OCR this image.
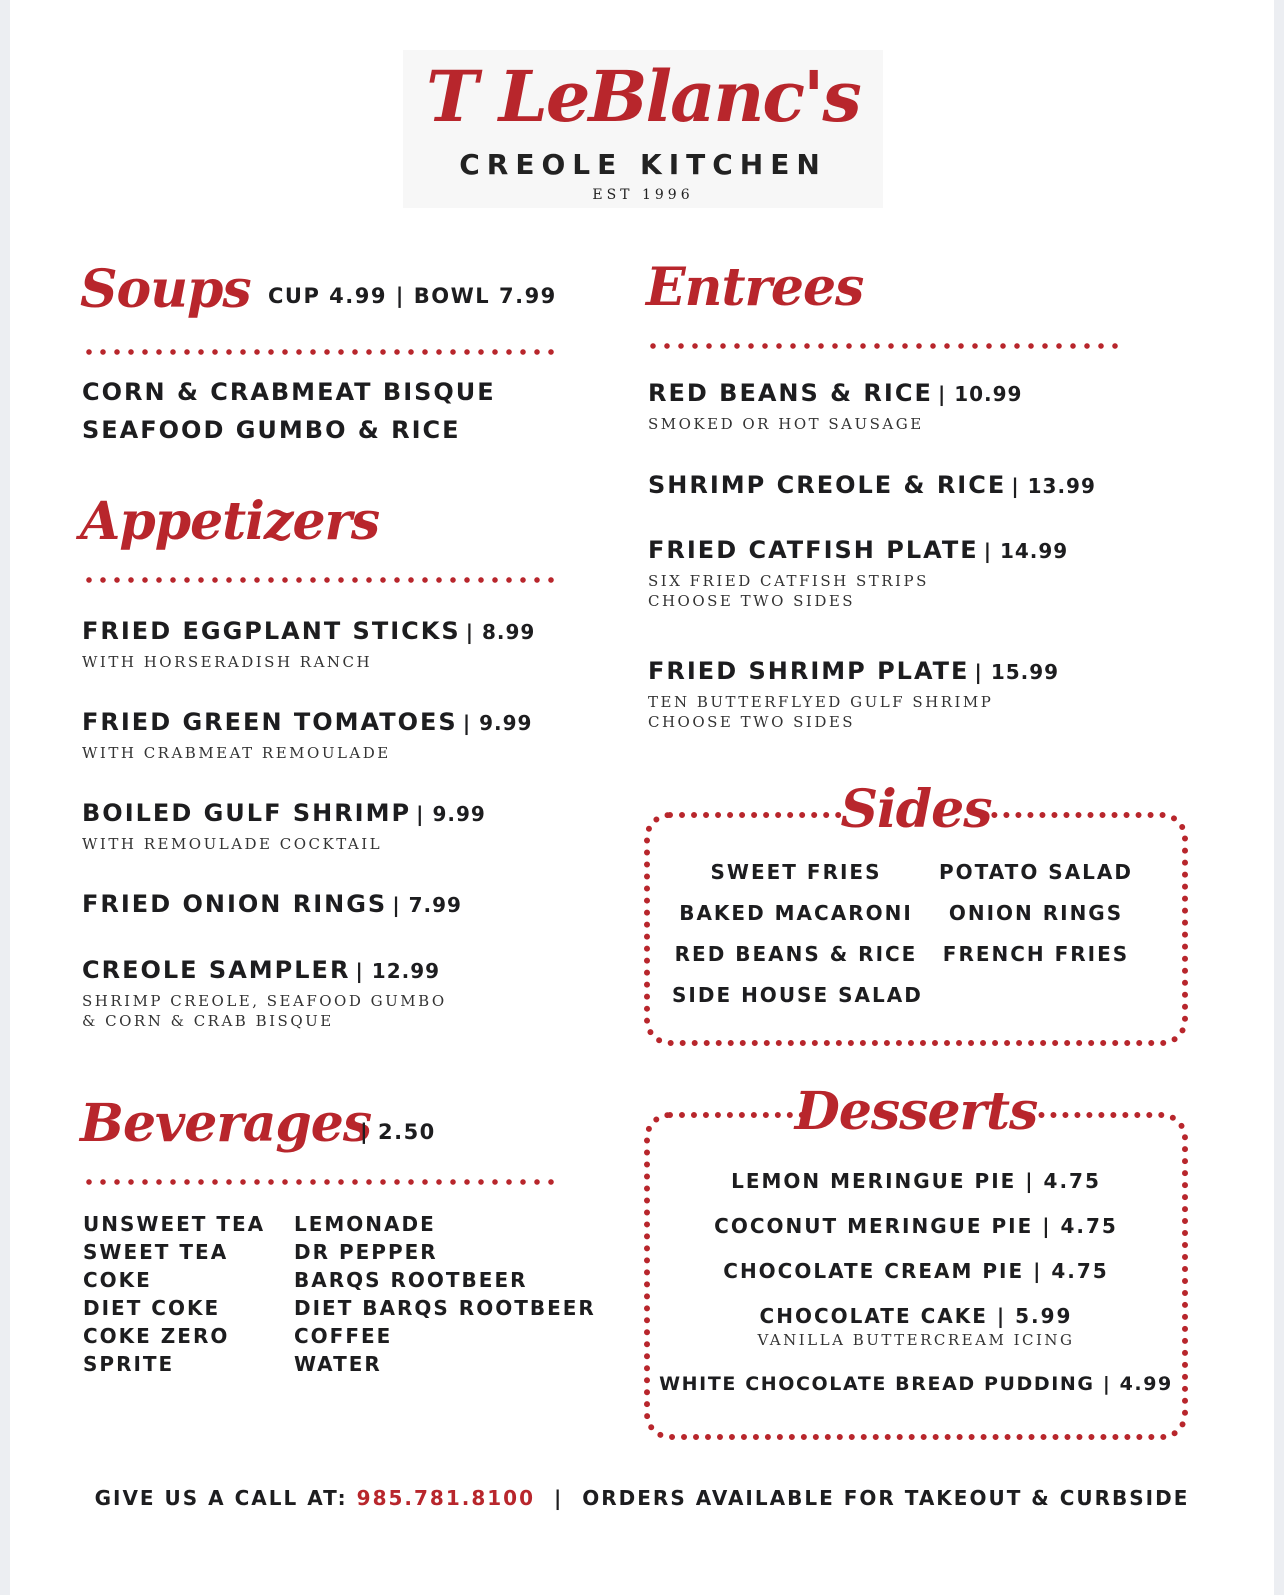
T LeBlanc's
CREOLE KITCHEN
EST 1996
Soups CUP 4.99 | BOWL 7.99
CORN & CRABMEAT BISQUE
SEAFOOD GUMBO & RICE
Appetizers
FRIED EGGPLANT STICKS | 8.99
WITH HORSERADISH RANCH
FRIED GREEN TOMATOES | 9.99
WITH CRABMEAT REMOULADE
BOILED GULF SHRIMP | 9.99
WITH REMOULADE COCKTAIL
FRIED ONION RINGS | 7.99
CREOLE SAMPLER | 12.99
SHRIMP CREOLE, SEAFOOD GUMBO
& CORN & CRAB BISQUE
Beverages
| 2.50
UNSWEET TEA
SWEET TEA
COKE
DIET COKE
COKE ZERO
SPRITE
LEMONADE
DR PEPPER
BARQS ROOTBEER
DIET BARQS ROOTBEER
COFFEE
WATER
Entrees
RED BEANS & RICE | 10.99
SMOKED OR HOT SAUSAGE
SHRIMP CREOLE & RICE | 13.99
FRIED CATFISH PLATE | 14.99
SIX FRIED CATFISH STRIPS
CHOOSE TWO SIDES
FRIED SHRIMP PLATE | 15.99
TEN BUTTERFLYED GULF SHRIMP
CHOOSE TWO SIDES
Sides
SWEET FRIES
BAKED MACARONI
RED BEANS & RICE
SIDE HOUSE SALAD
POTATO SALAD
ONION RINGS
FRENCH FRIES
Desserts
LEMON MERINGUE PIE | 4.75
COCONUT MERINGUE PIE | 4.75
CHOCOLATE CREAM PIE | 4.75
CHOCOLATE CAKE | 5.99
VANILLA BUTTERCREAM ICING
WHITE CHOCOLATE BREAD PUDDING | 4.99
GIVE US A CALL AT: 985.781.8100 | ORDERS AVAILABLE FOR TAKEOUT & CURBSIDE
